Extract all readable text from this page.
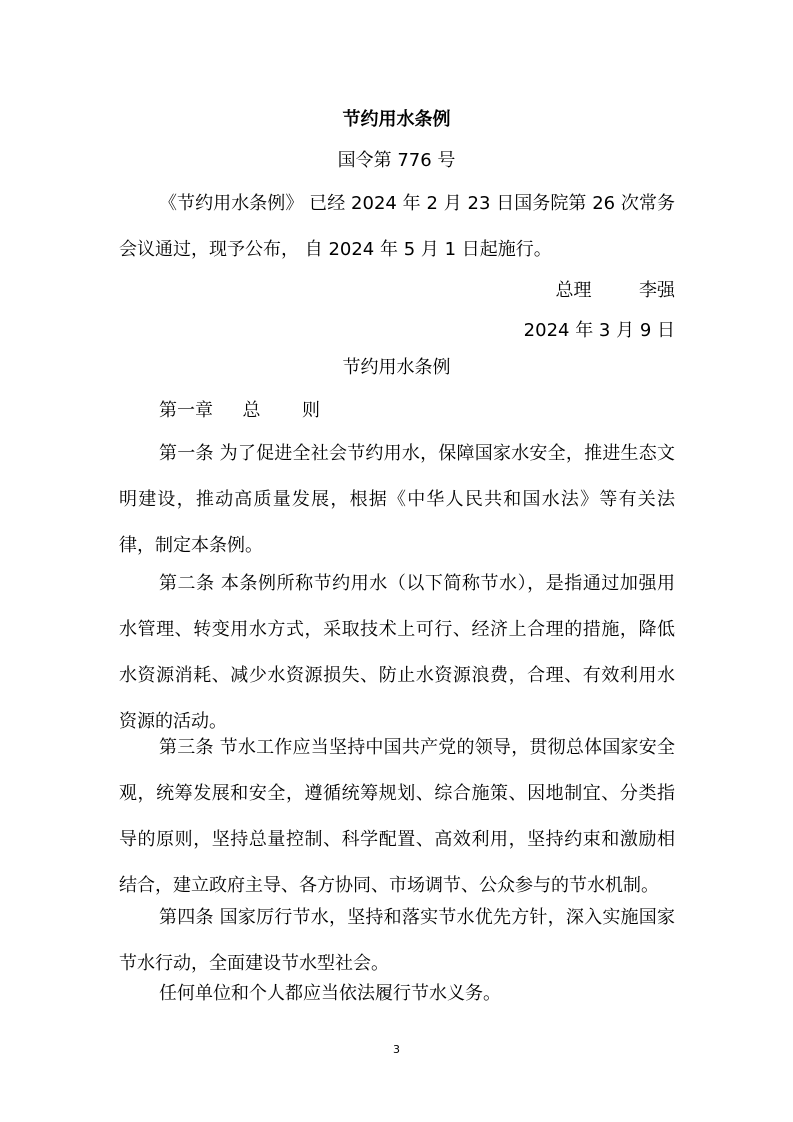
节约用水条例

国令第 776 号

《节约用水条例》 已经 2024 年 2 月 23 日国务院第 26 次常务会议通过，现予公布， 自 2024 年 5 月 1 日起施行。

总理	李强

2024 年 3 月 9 日

节约用水条例
第一章 总 则

第一条 为了促进全社会节约用水，保障国家水安全，推进生态文明建设，推动高质量发展，根据《中华人民共和国水法》等有关法律，制定本条例。

第二条 本条例所称节约用水（以下简称节水），是指通过加强用水管理、转变用水方式，采取技术上可行、经济上合理的措施，降低水资源消耗、减少水资源损失、防止水资源浪费，合理、有效利用水资源的活动。

第三条 节水工作应当坚持中国共产党的领导，贯彻总体国家安全观，统筹发展和安全，遵循统筹规划、综合施策、因地制宜、分类指导的原则，坚持总量控制、科学配置、高效利用，坚持约束和激励相结合，建立政府主导、各方协同、市场调节、公众参与的节水机制。

第四条 国家厉行节水，坚持和落实节水优先方针，深入实施国家节水行动，全面建设节水型社会。

任何单位和个人都应当依法履行节水义务。

3
